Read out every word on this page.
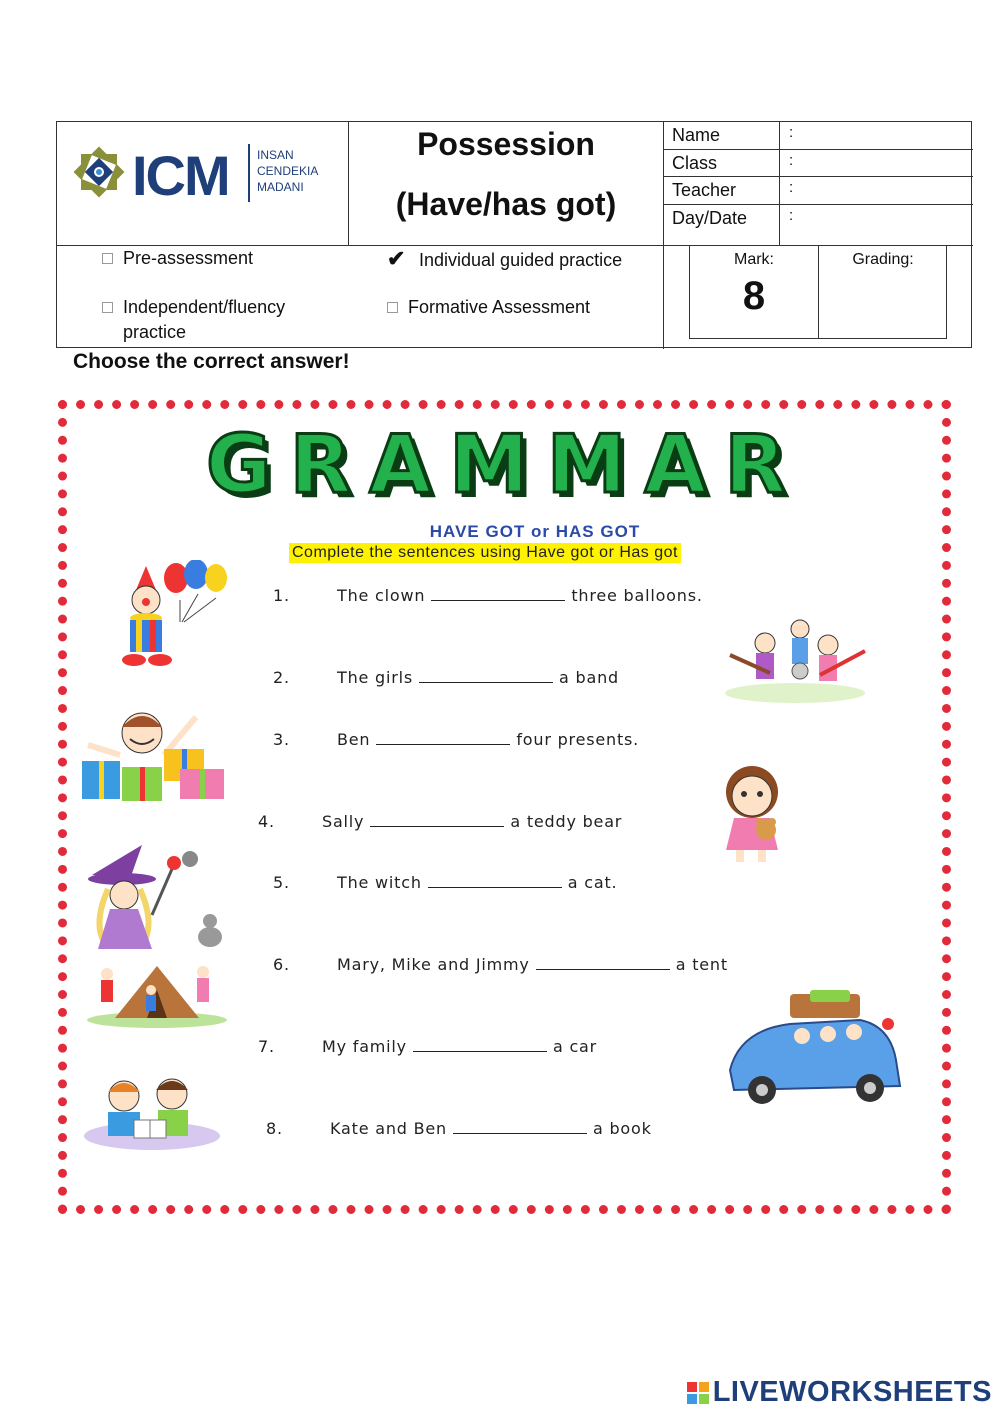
ICM INSAN
CENDEKIA
MADANI
Possession
(Have/has got)
Name	:
Class	:
Teacher	:
Day/Date	:
Pre-assessment	✔ Individual guided practice
Independent/fluency practice
Formative Assessment
Mark:
8
Grading:
Choose the correct answer!
GRAMMAR
HAVE GOT or HAS GOT
Complete the sentences using Have got or Has got
1.	The clown	three balloons.
2.	The girls	a band
3.	Ben	four presents.
4.	Sally	a teddy bear
5.	The witch	a cat.
6.	Mary, Mike and Jimmy	a tent
7.	My family	a car
8.	Kate and Ben	a book
LIVEWORKSHEETS
